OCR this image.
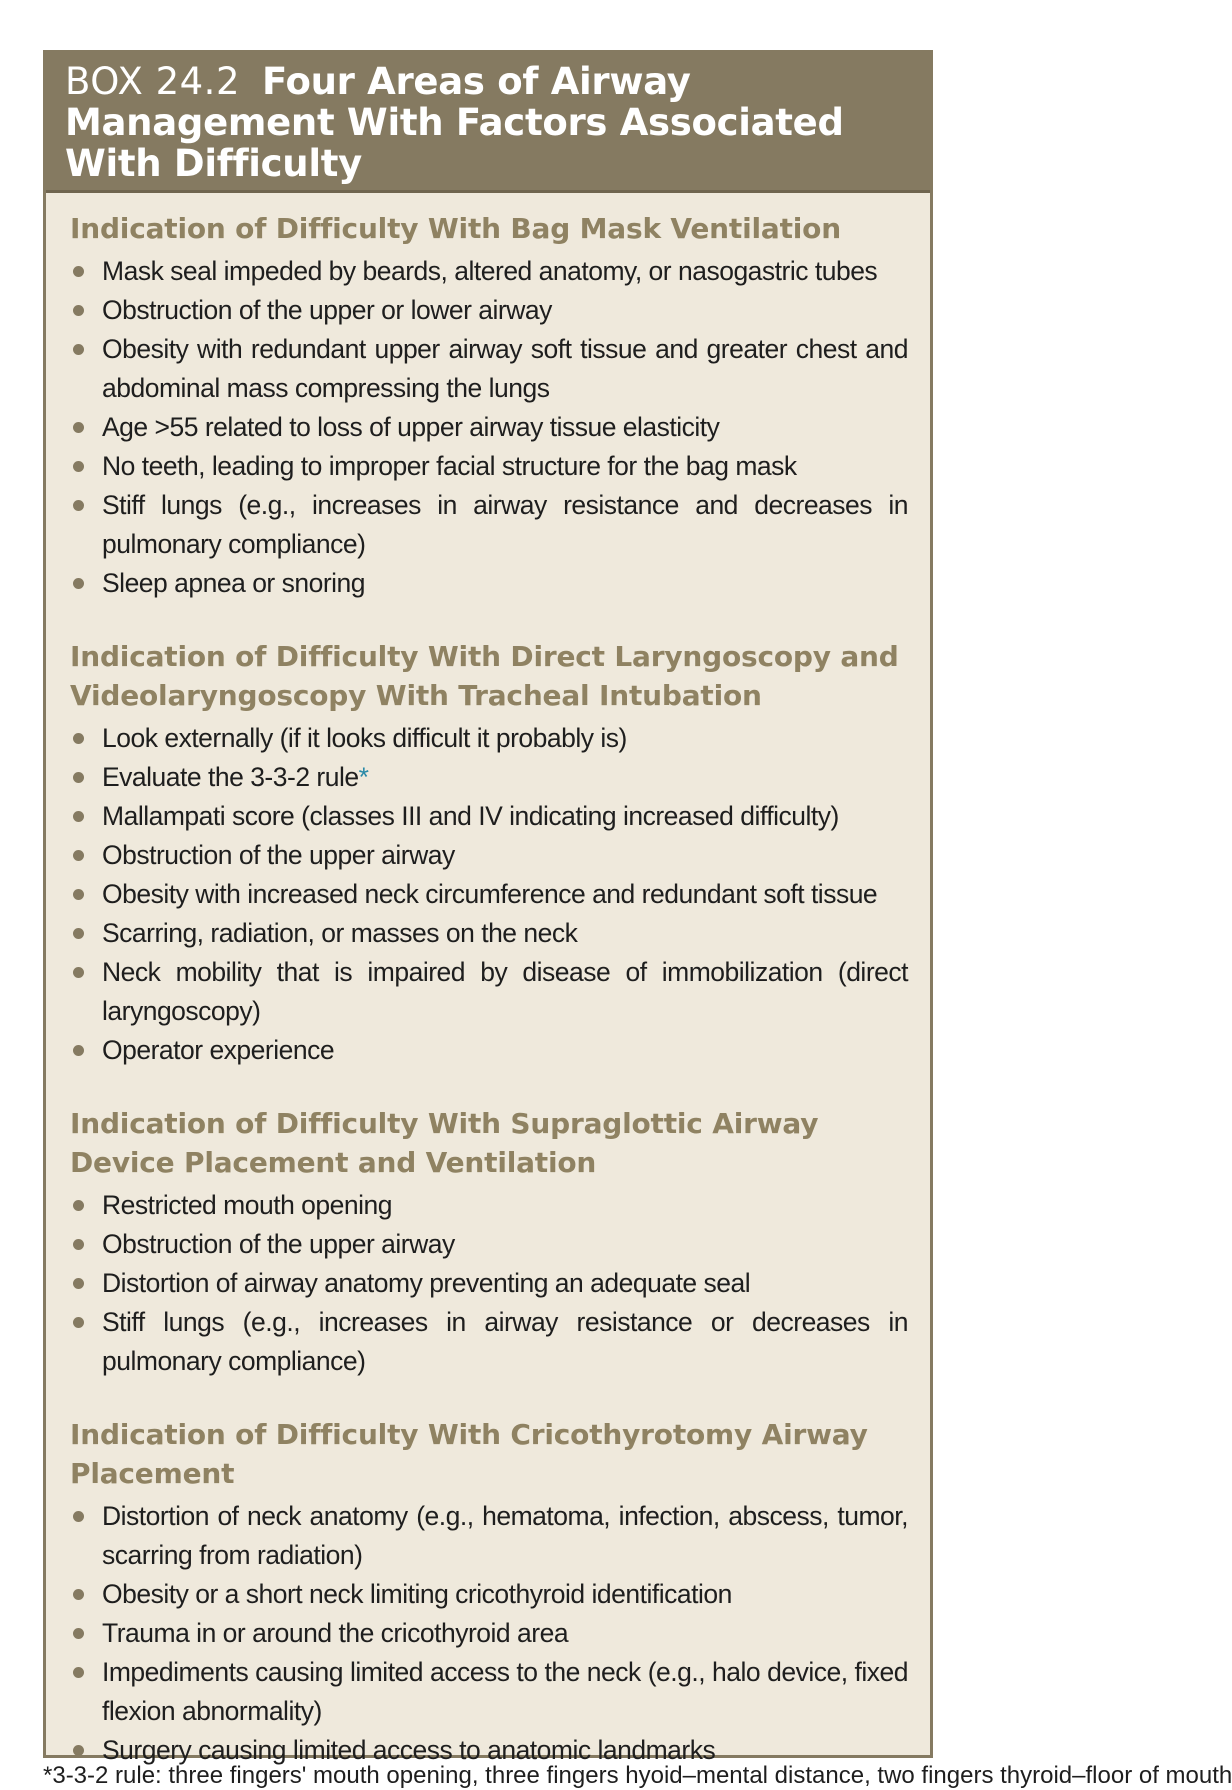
BOX 24.2 Four Areas of Airway Management With Factors Associated With Difficulty
Indication of Difficulty With Bag Mask Ventilation
Mask seal impeded by beards, altered anatomy, or nasogastric tubes
Obstruction of the upper or lower airway
Obesity with redundant upper airway soft tissue and greater chest and abdominal mass compressing the lungs
Age >55 related to loss of upper airway tissue elasticity
No teeth, leading to improper facial structure for the bag mask
Stiff lungs (e.g., increases in airway resistance and decreases in pulmonary compliance)
Sleep apnea or snoring
Indication of Difficulty With Direct Laryngoscopy and Videolaryngoscopy With Tracheal Intubation
Look externally (if it looks difficult it probably is)
Evaluate the 3-3-2 rule*
Mallampati score (classes III and IV indicating increased difficulty)
Obstruction of the upper airway
Obesity with increased neck circumference and redundant soft tissue
Scarring, radiation, or masses on the neck
Neck mobility that is impaired by disease of immobilization (direct laryngoscopy)
Operator experience
Indication of Difficulty With Supraglottic Airway Device Placement and Ventilation
Restricted mouth opening
Obstruction of the upper airway
Distortion of airway anatomy preventing an adequate seal
Stiff lungs (e.g., increases in airway resistance or decreases in pulmonary compliance)
Indication of Difficulty With Cricothyrotomy Airway Placement
Distortion of neck anatomy (e.g., hematoma, infection, abscess, tumor, scarring from radiation)
Obesity or a short neck limiting cricothyroid identification
Trauma in or around the cricothyroid area
Impediments causing limited access to the neck (e.g., halo device, fixed flexion abnormality)
Surgery causing limited access to anatomic landmarks
*3-3-2 rule: three fingers' mouth opening, three fingers hyoid–mental distance, two fingers thyroid–floor of mouth
